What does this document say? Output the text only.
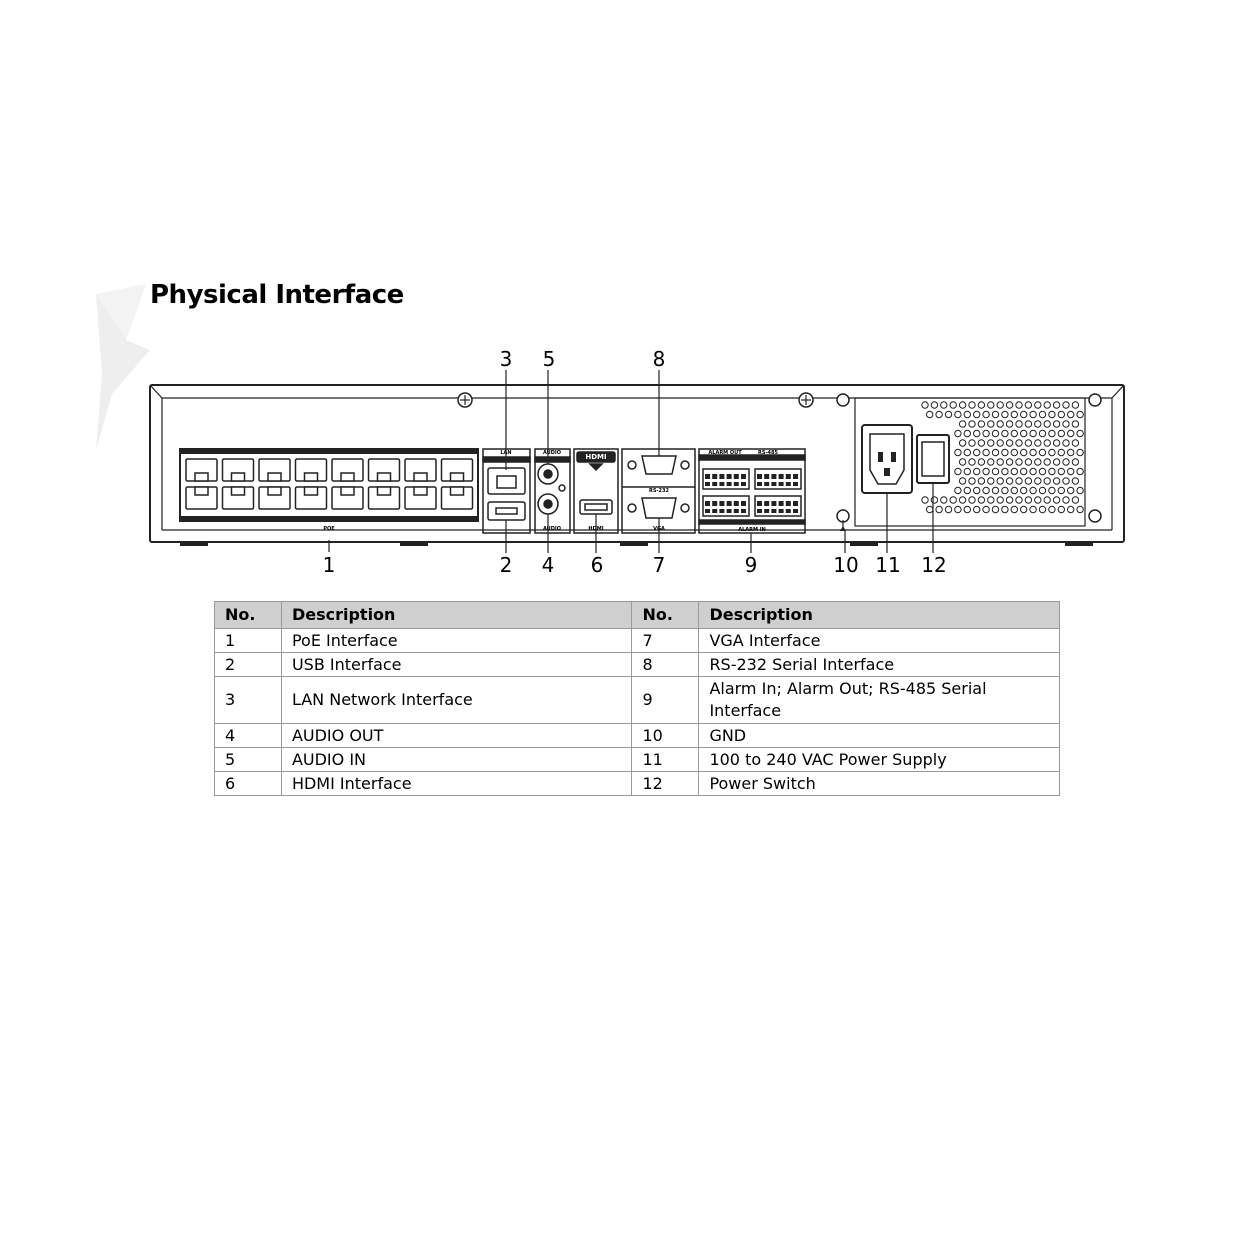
Physical Interface
POE
LAN	AUDIO
AUDIO	HDMI
HDMI
RS-232
VGA
ALARM OUT	RS-485
ALARM IN
3	5	8
1	2	4	6	7	9	10 11	12
No.	Description	No.	Description
1	PoE Interface	7	VGA Interface
2	USB Interface	8	RS-232 Serial Interface
3	LAN Network Interface	9	Alarm In; Alarm Out; RS-485 Serial Interface
4	AUDIO OUT	10	GND
5	AUDIO IN	11	100 to 240 VAC Power Supply
6	HDMI Interface	12	Power Switch
